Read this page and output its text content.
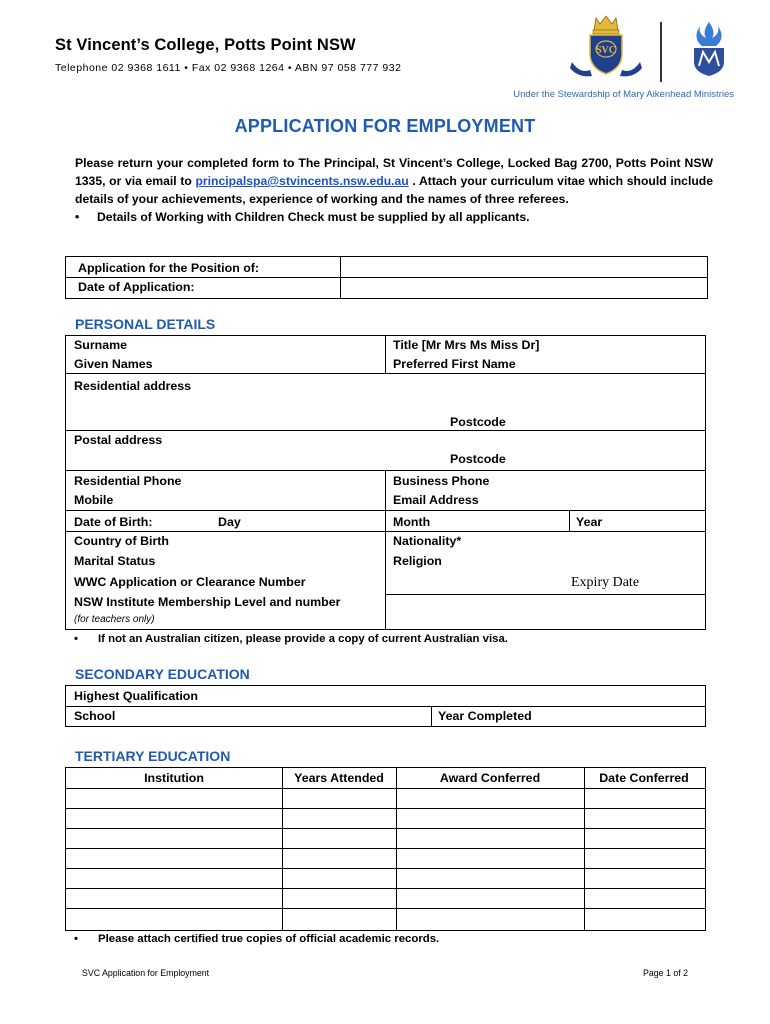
St Vincent’s College, Potts Point NSW
Telephone 02 9368 1611 • Fax 02 9368 1264 • ABN 97 058 777 932
SVC
Under the Stewardship of Mary Aikenhead Ministries
APPLICATION FOR EMPLOYMENT
Please return your completed form to The Principal, St Vincent’s College, Locked Bag 2700, Potts Point NSW 1335, or via email to principalspa@stvincents.nsw.edu.au . Attach your curriculum vitae which should include details of your achievements, experience of working and the names of three referees.
• Details of Working with Children Check must be supplied by all applicants.
Application for the Position of:
Date of Application:
PERSONAL DETAILS
Surname	Title [Mr Mrs Ms Miss Dr]
Given Names	Preferred First Name
Residential address
Postcode
Postal address
Postcode
Residential Phone	Business Phone
Mobile	Email Address
Date of Birth:	Day	Month	Year
Country of Birth	Nationality*
Marital Status	Religion
WWC Application or Clearance Number	Expiry Date
NSW Institute Membership Level and number
(for teachers only)
• If not an Australian citizen, please provide a copy of current Australian visa.
SECONDARY EDUCATION
Highest Qualification
School	Year Completed
TERTIARY EDUCATION
Institution	Years Attended	Award Conferred	Date Conferred
• Please attach certified true copies of official academic records.
SVC Application for Employment	Page 1 of 2
